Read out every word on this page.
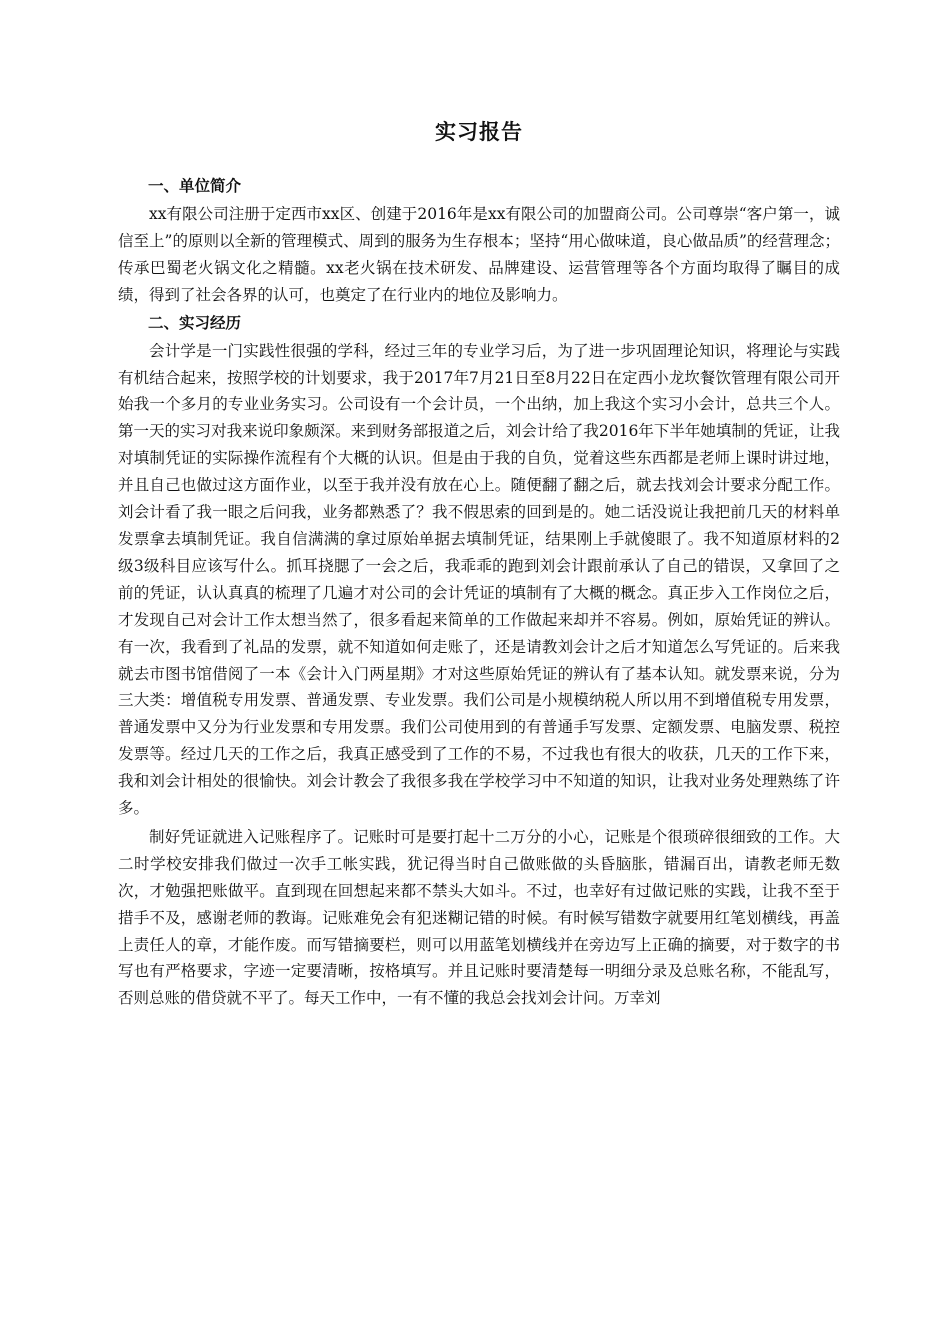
实习报告
一、单位简介

xx有限公司注册于定西市xx区、创建于2016年是xx有限公司的加盟商公司。公司尊崇“客户第一，诚信至上”的原则以全新的管理模式、周到的服务为生存根本；坚持“用心做味道，良心做品质”的经营理念；传承巴蜀老火锅文化之精髓。xx老火锅在技术研发、品牌建设、运营管理等各个方面均取得了瞩目的成绩，得到了社会各界的认可，也奠定了在行业内的地位及影响力。

二、实习经历

会计学是一门实践性很强的学科，经过三年的专业学习后，为了进一步巩固理论知识，将理论与实践有机结合起来，按照学校的计划要求，我于2017年7月21日至8月22日在定西小龙坎餐饮管理有限公司开始我一个多月的专业业务实习。公司设有一个会计员，一个出纳，加上我这个实习小会计，总共三个人。第一天的实习对我来说印象颇深。来到财务部报道之后，刘会计给了我2016年下半年她填制的凭证，让我对填制凭证的实际操作流程有个大概的认识。但是由于我的自负，觉着这些东西都是老师上课时讲过地，并且自己也做过这方面作业，以至于我并没有放在心上。随便翻了翻之后，就去找刘会计要求分配工作。刘会计看了我一眼之后问我，业务都熟悉了？我不假思索的回到是的。她二话没说让我把前几天的材料单发票拿去填制凭证。我自信满满的拿过原始单据去填制凭证，结果刚上手就傻眼了。我不知道原材料的2级3级科目应该写什么。抓耳挠腮了一会之后，我乖乖的跑到刘会计跟前承认了自己的错误，又拿回了之前的凭证，认认真真的梳理了几遍才对公司的会计凭证的填制有了大概的概念。真正步入工作岗位之后，才发现自己对会计工作太想当然了，很多看起来简单的工作做起来却并不容易。例如，原始凭证的辨认。有一次，我看到了礼品的发票，就不知道如何走账了，还是请教刘会计之后才知道怎么写凭证的。后来我就去市图书馆借阅了一本《会计入门两星期》才对这些原始凭证的辨认有了基本认知。就发票来说，分为三大类：增值税专用发票、普通发票、专业发票。我们公司是小规模纳税人所以用不到增值税专用发票，普通发票中又分为行业发票和专用发票。我们公司使用到的有普通手写发票、定额发票、电脑发票、税控发票等。经过几天的工作之后，我真正感受到了工作的不易，不过我也有很大的收获，几天的工作下来，我和刘会计相处的很愉快。刘会计教会了我很多我在学校学习中不知道的知识，让我对业务处理熟练了许多。

制好凭证就进入记账程序了。记账时可是要打起十二万分的小心，记账是个很琐碎很细致的工作。大二时学校安排我们做过一次手工帐实践，犹记得当时自己做账做的头昏脑胀，错漏百出，请教老师无数次，才勉强把账做平。直到现在回想起来都不禁头大如斗。不过，也幸好有过做记账的实践，让我不至于措手不及，感谢老师的教诲。记账难免会有犯迷糊记错的时候。有时候写错数字就要用红笔划横线，再盖上责任人的章，才能作废。而写错摘要栏，则可以用蓝笔划横线并在旁边写上正确的摘要，对于数字的书写也有严格要求，字迹一定要清晰，按格填写。并且记账时要清楚每一明细分录及总账名称，不能乱写，否则总账的借贷就不平了。每天工作中，一有不懂的我总会找刘会计问。万幸刘
